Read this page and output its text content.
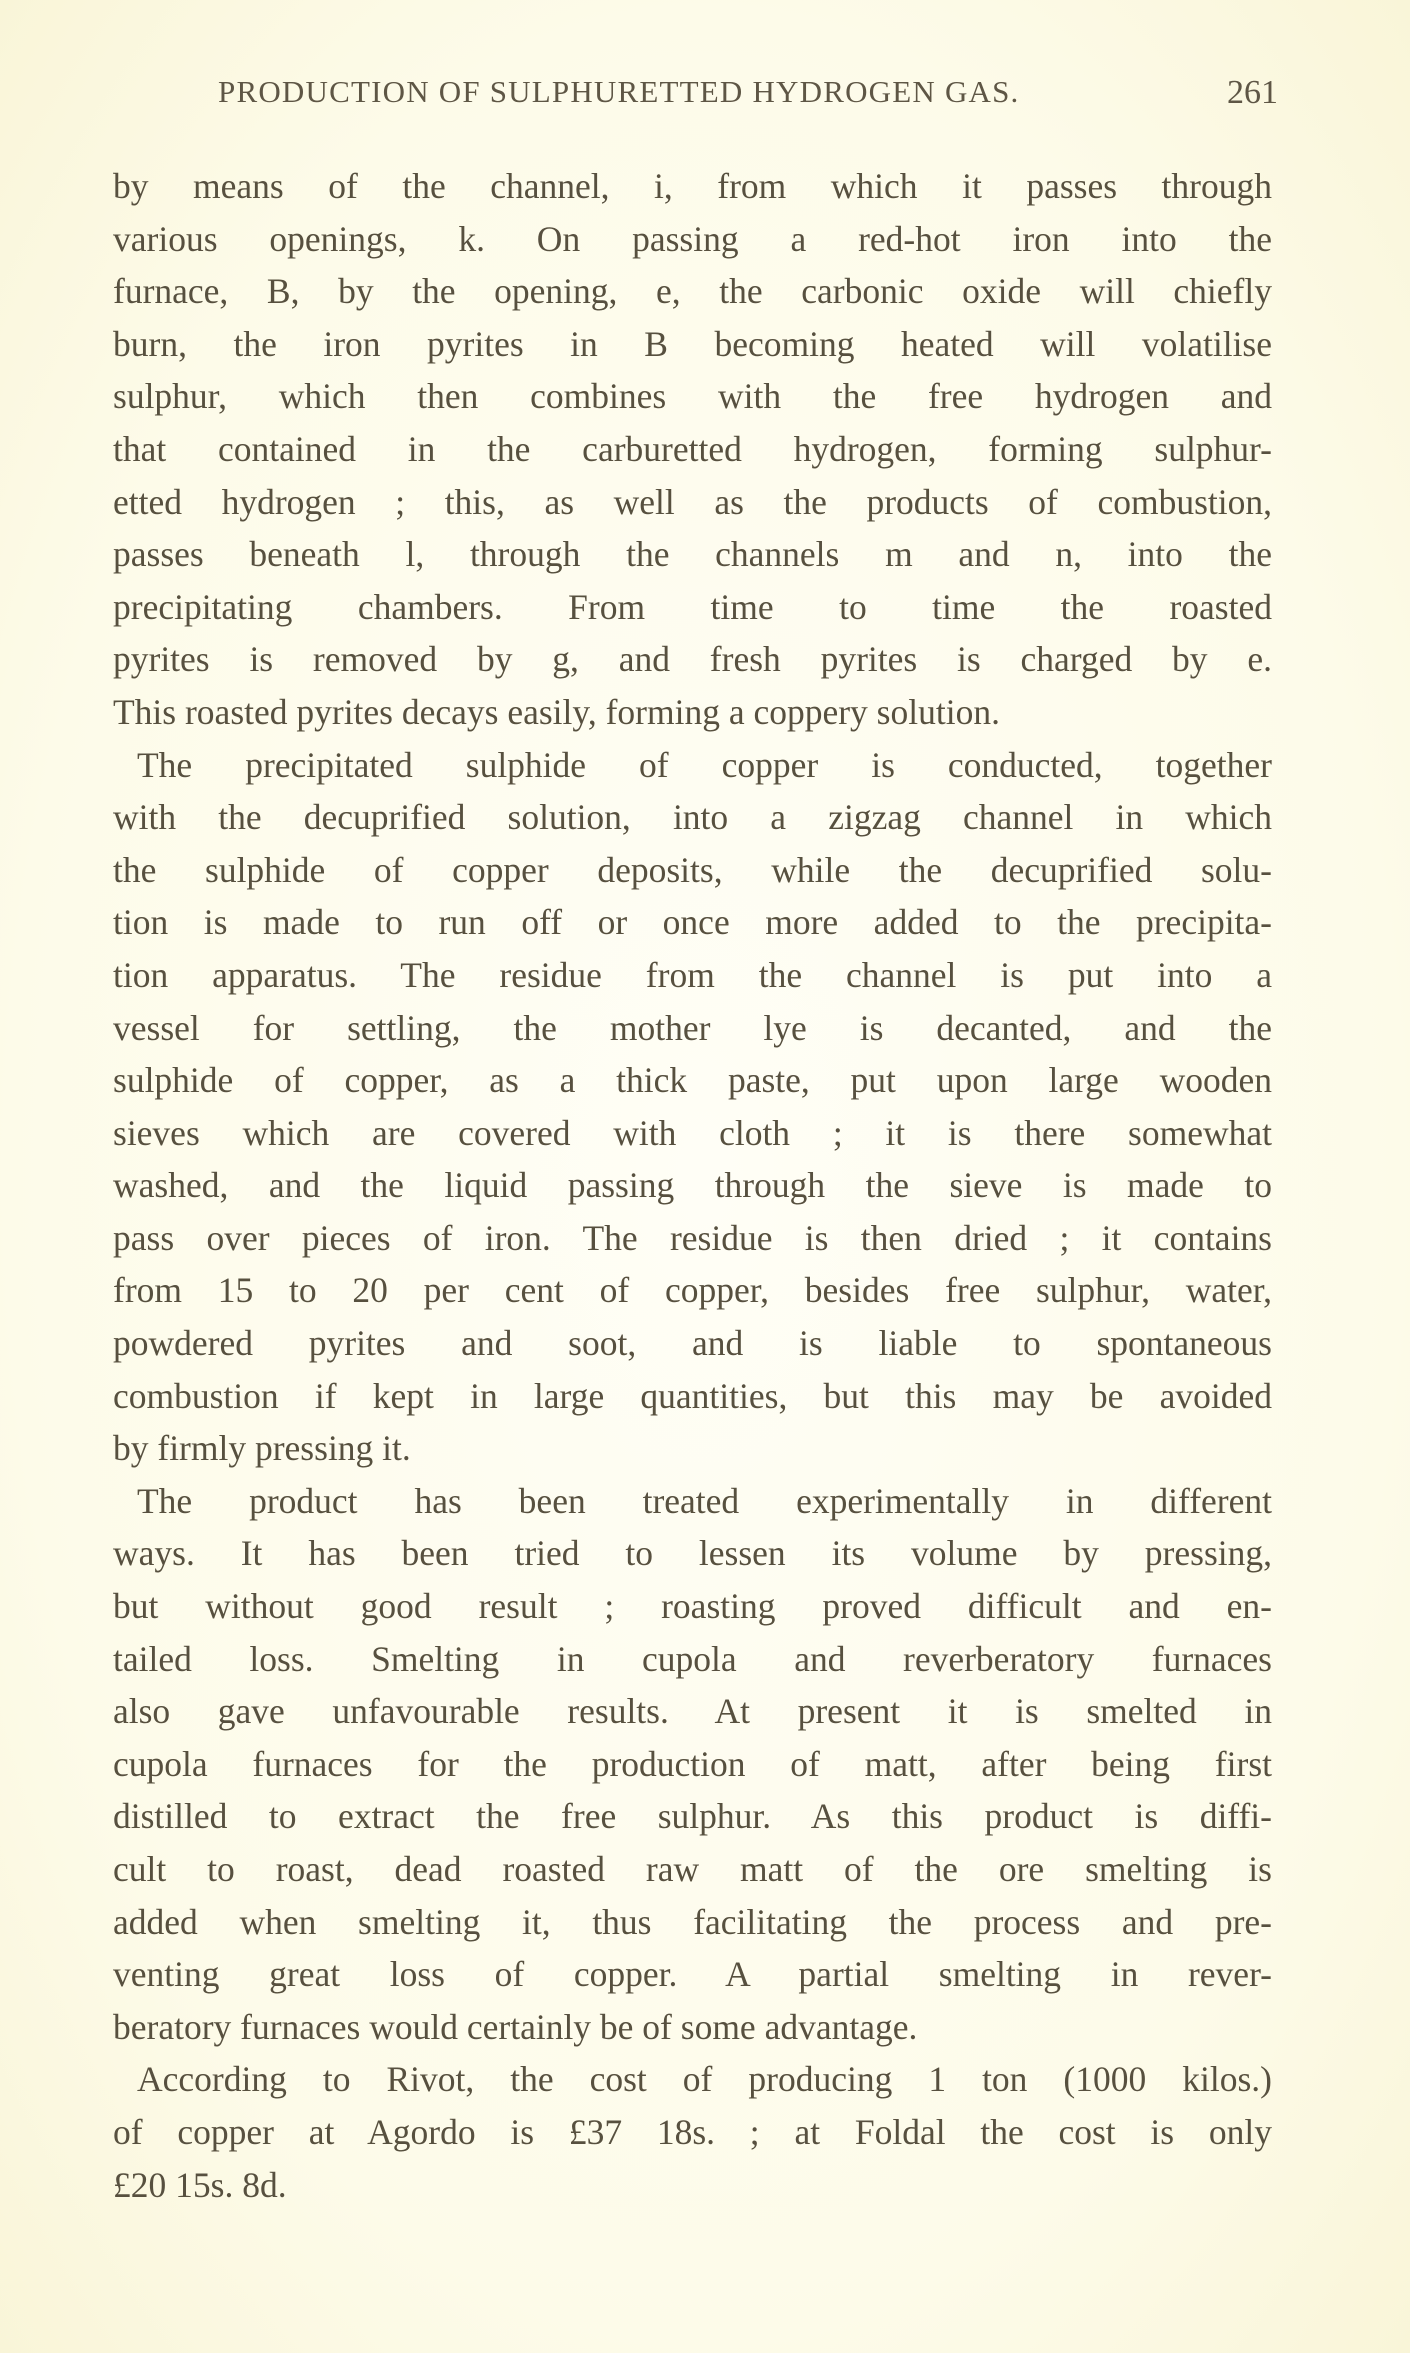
PRODUCTION OF SULPHURETTED HYDROGEN GAS.	261
by means of the channel, i, from which it passes through
various openings, k. On passing a red-hot iron into the
furnace, B, by the opening, e, the carbonic oxide will chiefly
burn, the iron pyrites in B becoming heated will volatilise
sulphur, which then combines with the free hydrogen and
that contained in the carburetted hydrogen, forming sulphur-
etted hydrogen ; this, as well as the products of combustion,
passes beneath l, through the channels m and n, into the
precipitating chambers. From time to time the roasted
pyrites is removed by g, and fresh pyrites is charged by e.
This roasted pyrites decays easily, forming a coppery solution.
The precipitated sulphide of copper is conducted, together
with the decuprified solution, into a zigzag channel in which
the sulphide of copper deposits, while the decuprified solu-
tion is made to run off or once more added to the precipita-
tion apparatus. The residue from the channel is put into a
vessel for settling, the mother lye is decanted, and the
sulphide of copper, as a thick paste, put upon large wooden
sieves which are covered with cloth ; it is there somewhat
washed, and the liquid passing through the sieve is made to
pass over pieces of iron. The residue is then dried ; it contains
from 15 to 20 per cent of copper, besides free sulphur, water,
powdered pyrites and soot, and is liable to spontaneous
combustion if kept in large quantities, but this may be avoided
by firmly pressing it.
The product has been treated experimentally in different
ways. It has been tried to lessen its volume by pressing,
but without good result ; roasting proved difficult and en-
tailed loss. Smelting in cupola and reverberatory furnaces
also gave unfavourable results. At present it is smelted in
cupola furnaces for the production of matt, after being first
distilled to extract the free sulphur. As this product is diffi-
cult to roast, dead roasted raw matt of the ore smelting is
added when smelting it, thus facilitating the process and pre-
venting great loss of copper. A partial smelting in rever-
beratory furnaces would certainly be of some advantage.
According to Rivot, the cost of producing 1 ton (1000 kilos.)
of copper at Agordo is £37 18s. ; at Foldal the cost is only
£20 15s. 8d.
